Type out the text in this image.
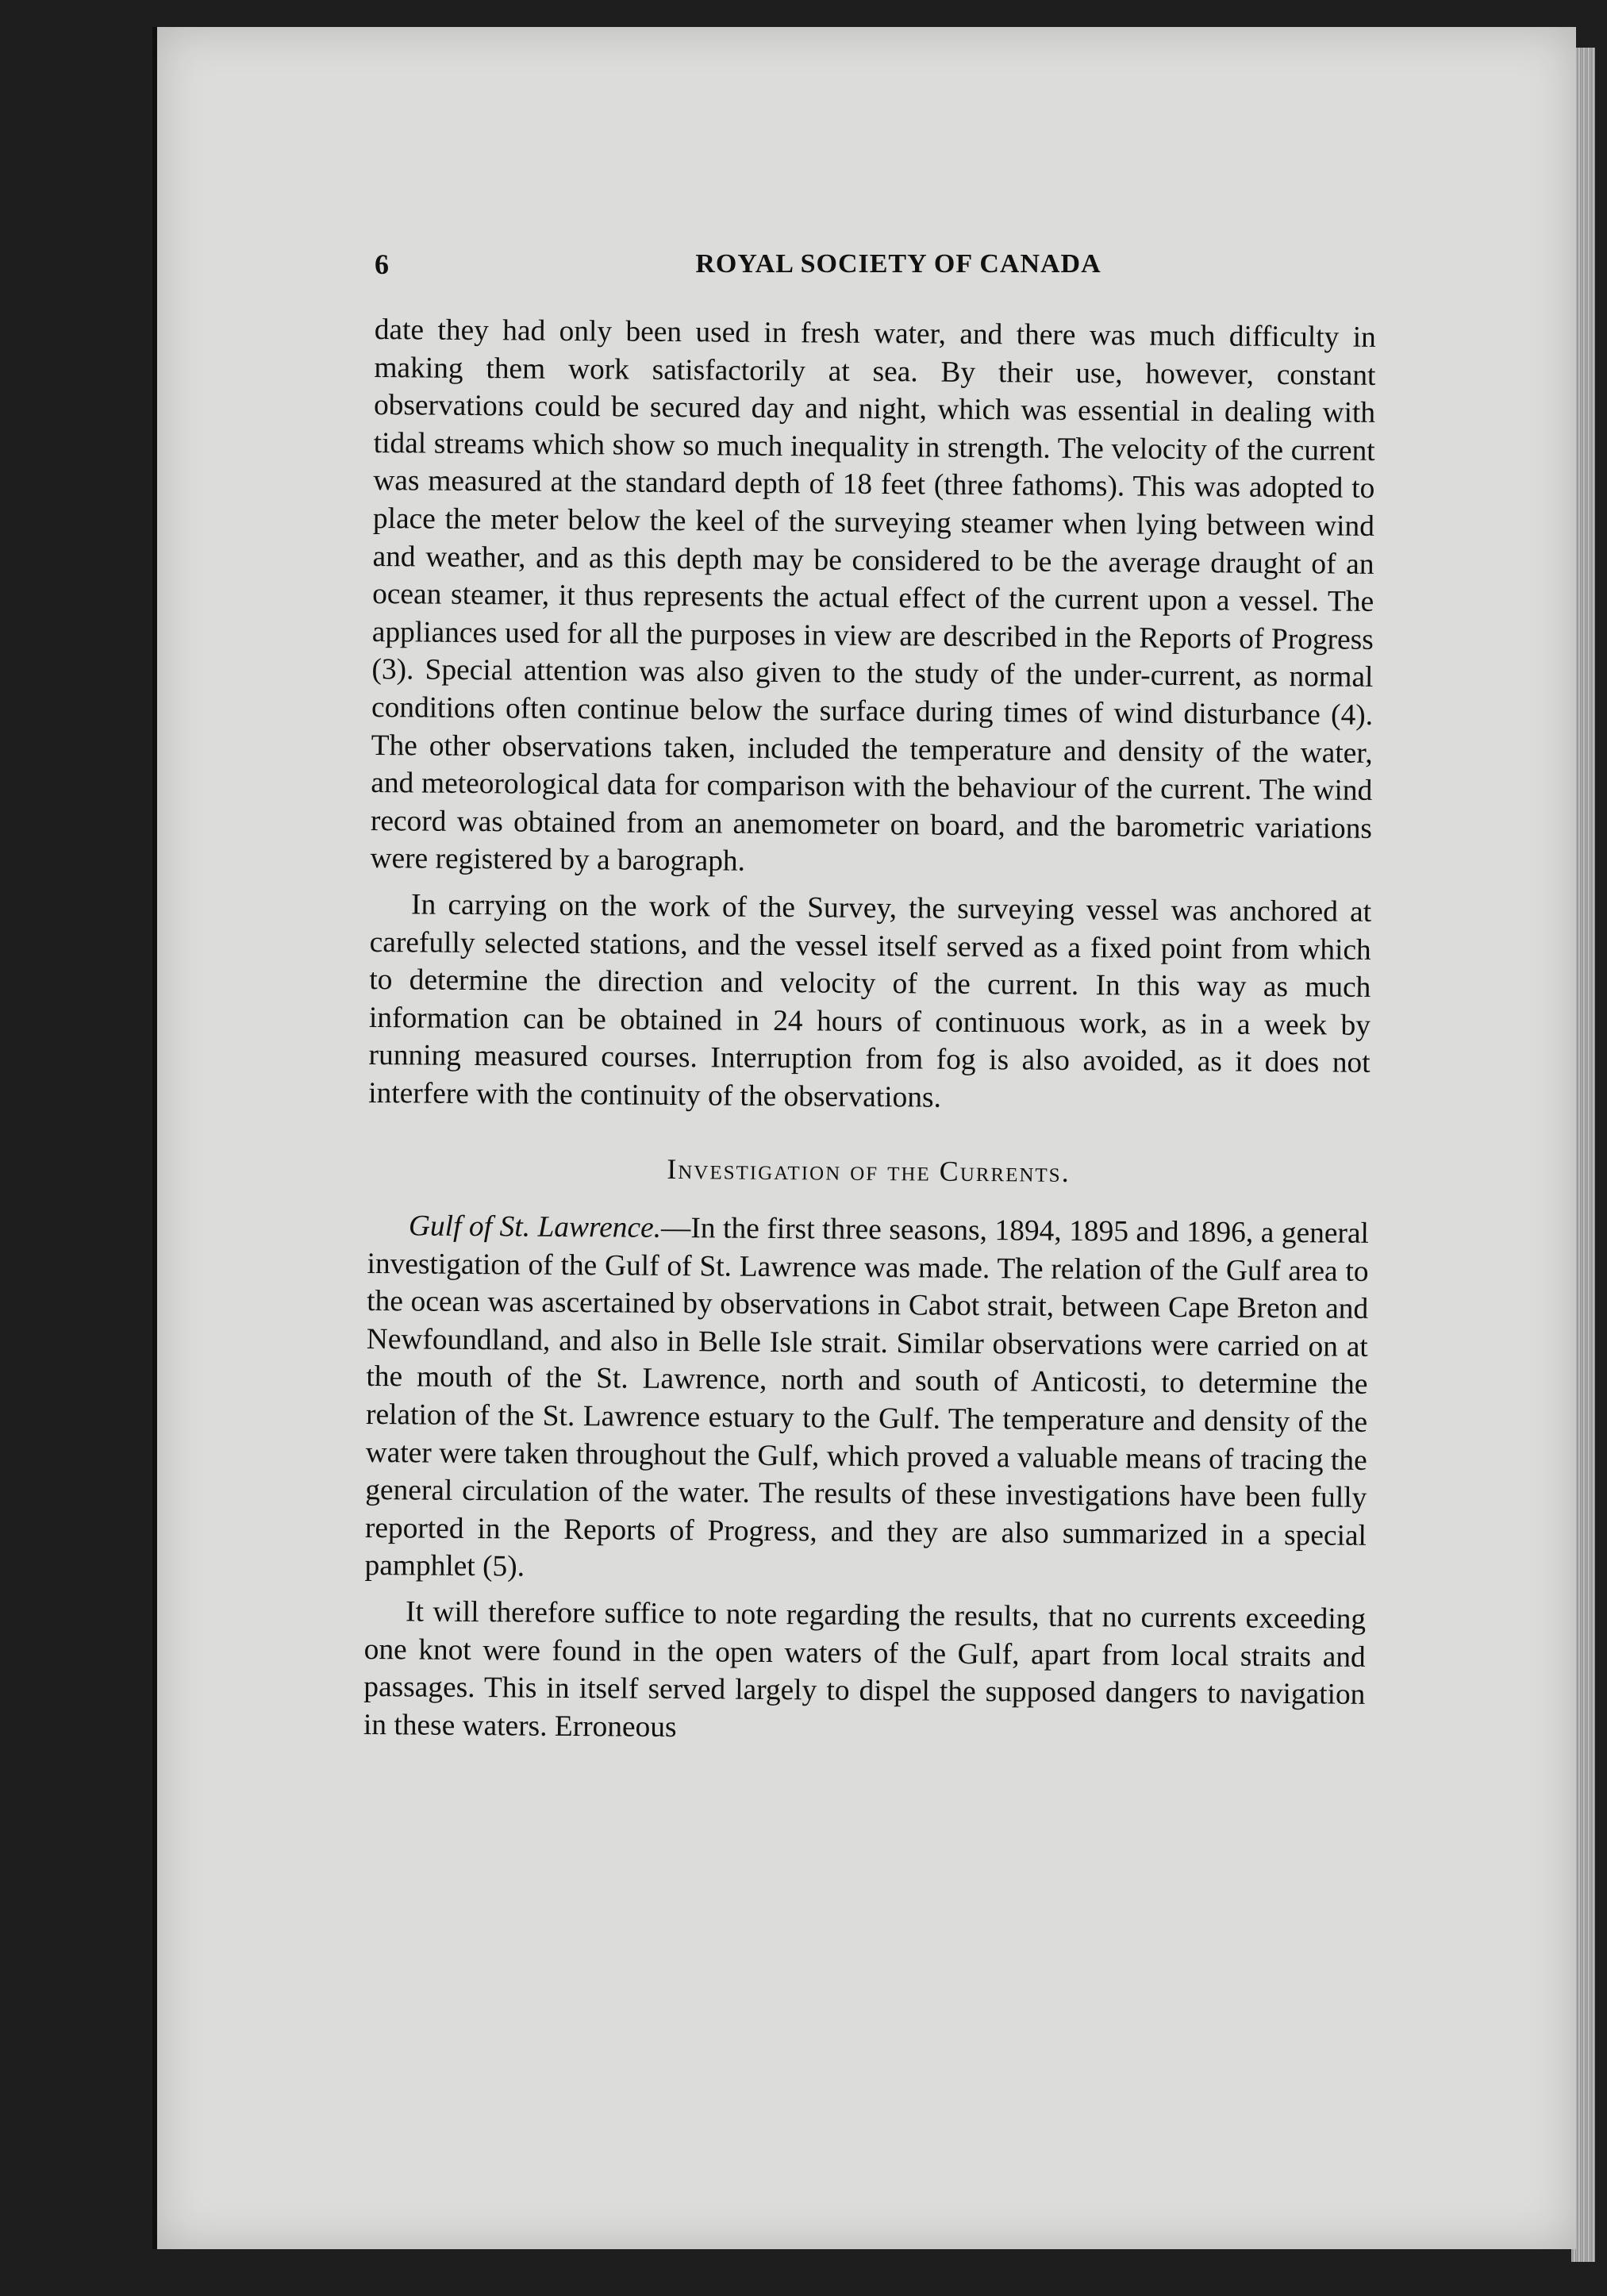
6	ROYAL SOCIETY OF CANADA

date they had only been used in fresh water, and there was much difficulty in making them work satisfactorily at sea. By their use, however, constant observations could be secured day and night, which was essential in dealing with tidal streams which show so much inequality in strength. The velocity of the current was measured at the standard depth of 18 feet (three fathoms). This was adopted to place the meter below the keel of the surveying steamer when lying between wind and weather, and as this depth may be considered to be the average draught of an ocean steamer, it thus represents the actual effect of the current upon a vessel. The appliances used for all the purposes in view are described in the Reports of Progress (3). Special attention was also given to the study of the under-current, as normal conditions often continue below the surface during times of wind disturbance (4). The other observations taken, included the temperature and density of the water, and meteorological data for comparison with the behaviour of the current. The wind record was obtained from an anemometer on board, and the barometric variations were registered by a barograph.

In carrying on the work of the Survey, the surveying vessel was anchored at carefully selected stations, and the vessel itself served as a fixed point from which to determine the direction and velocity of the current. In this way as much information can be obtained in 24 hours of continuous work, as in a week by running measured courses. Interruption from fog is also avoided, as it does not interfere with the continuity of the observations.

Investigation of the Currents.

Gulf of St. Lawrence.—In the first three seasons, 1894, 1895 and 1896, a general investigation of the Gulf of St. Lawrence was made. The relation of the Gulf area to the ocean was ascertained by observations in Cabot strait, between Cape Breton and Newfoundland, and also in Belle Isle strait. Similar observations were carried on at the mouth of the St. Lawrence, north and south of Anticosti, to determine the relation of the St. Lawrence estuary to the Gulf. The temperature and density of the water were taken throughout the Gulf, which proved a valuable means of tracing the general circulation of the water. The results of these investigations have been fully reported in the Reports of Progress, and they are also summarized in a special pamphlet (5).

It will therefore suffice to note regarding the results, that no currents exceeding one knot were found in the open waters of the Gulf, apart from local straits and passages. This in itself served largely to dispel the supposed dangers to navigation in these waters. Erroneous
